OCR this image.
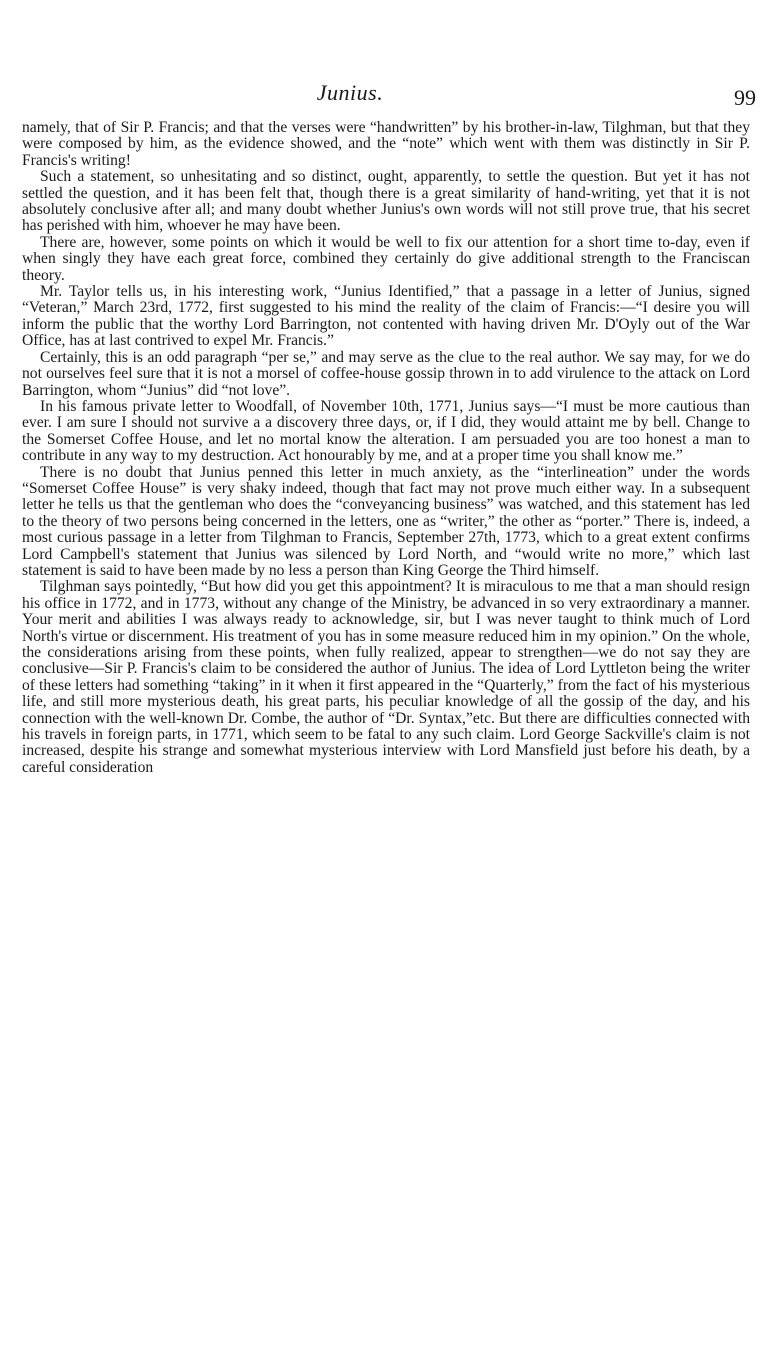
Junius.	99

namely, that of Sir P. Francis; and that the verses were “handwritten” by his brother-in-law, Tilghman, but that they were composed by him, as the evidence showed, and the “note” which went with them was distinctly in Sir P. Francis's writing!

Such a statement, so unhesitating and so distinct, ought, apparently, to settle the question. But yet it has not settled the question, and it has been felt that, though there is a great similarity of hand-writing, yet that it is not absolutely conclusive after all; and many doubt whether Junius's own words will not still prove true, that his secret has perished with him, whoever he may have been.

There are, however, some points on which it would be well to fix our attention for a short time to-day, even if when singly they have each great force, combined they certainly do give additional strength to the Franciscan theory.

Mr. Taylor tells us, in his interesting work, “Junius Identified,” that a passage in a letter of Junius, signed “Veteran,” March 23rd, 1772, first suggested to his mind the reality of the claim of Francis:—“I desire you will inform the public that the worthy Lord Barrington, not contented with having driven Mr. D'Oyly out of the War Office, has at last contrived to expel Mr. Francis.”

Certainly, this is an odd paragraph “per se,” and may serve as the clue to the real author. We say may, for we do not ourselves feel sure that it is not a morsel of coffee-house gossip thrown in to add virulence to the attack on Lord Barrington, whom “Junius” did “not love”.

In his famous private letter to Woodfall, of November 10th, 1771, Junius says—“I must be more cautious than ever. I am sure I should not survive a a discovery three days, or, if I did, they would attaint me by bell. Change to the Somerset Coffee House, and let no mortal know the alteration. I am persuaded you are too honest a man to contribute in any way to my destruction. Act honourably by me, and at a proper time you shall know me.”

There is no doubt that Junius penned this letter in much anxiety, as the “interlineation” under the words “Somerset Coffee House” is very shaky indeed, though that fact may not prove much either way. In a subsequent letter he tells us that the gentleman who does the “conveyancing business” was watched, and this statement has led to the theory of two persons being concerned in the letters, one as “writer,” the other as “porter.” There is, indeed, a most curious passage in a letter from Tilghman to Francis, September 27th, 1773, which to a great extent confirms Lord Campbell's statement that Junius was silenced by Lord North, and “would write no more,” which last statement is said to have been made by no less a person than King George the Third himself.

Tilghman says pointedly, “But how did you get this appointment? It is miraculous to me that a man should resign his office in 1772, and in 1773, without any change of the Ministry, be advanced in so very extraordinary a manner. Your merit and abilities I was always ready to acknowledge, sir, but I was never taught to think much of Lord North's virtue or discernment. His treatment of you has in some measure reduced him in my opinion.” On the whole, the considerations arising from these points, when fully realized, appear to strengthen—we do not say they are conclusive—Sir P. Francis's claim to be considered the author of Junius. The idea of Lord Lyttleton being the writer of these letters had something “taking” in it when it first appeared in the “Quarterly,” from the fact of his mysterious life, and still more mysterious death, his great parts, his peculiar knowledge of all the gossip of the day, and his connection with the well-known Dr. Combe, the author of “Dr. Syntax,”etc. But there are difficulties connected with his travels in foreign parts, in 1771, which seem to be fatal to any such claim. Lord George Sackville's claim is not increased, despite his strange and somewhat mysterious interview with Lord Mansfield just before his death, by a careful consideration
